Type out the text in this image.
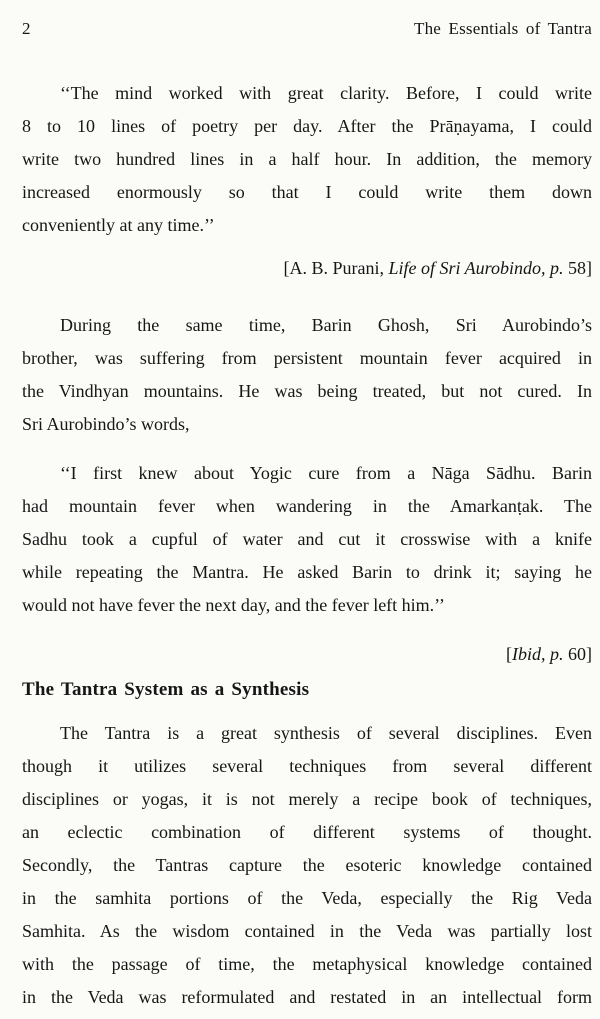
2	The Essentials of Tantra
‘‘The mind worked with great clarity. Before, I could write
8 to 10 lines of poetry per day. After the Prāṇayama, I could
write two hundred lines in a half hour. In addition, the memory
increased enormously so that I could write them down
conveniently at any time.’’
[A. B. Purani, Life of Sri Aurobindo, p. 58]
During the same time, Barin Ghosh, Sri Aurobindo’s
brother, was suffering from persistent mountain fever acquired in
the Vindhyan mountains. He was being treated, but not cured. In
Sri Aurobindo’s words,
‘‘I first knew about Yogic cure from a Nāga Sādhu. Barin
had mountain fever when wandering in the Amarkanṭak. The
Sadhu took a cupful of water and cut it crosswise with a knife
while repeating the Mantra. He asked Barin to drink it; saying he
would not have fever the next day, and the fever left him.’’
[Ibid, p. 60]
The Tantra System as a Synthesis
The Tantra is a great synthesis of several disciplines. Even
though it utilizes several techniques from several different
disciplines or yogas, it is not merely a recipe book of techniques,
an eclectic combination of different systems of thought.
Secondly, the Tantras capture the esoteric knowledge contained
in the samhita portions of the Veda, especially the Rig Veda
Samhita. As the wisdom contained in the Veda was partially lost
with the passage of time, the metaphysical knowledge contained
in the Veda was reformulated and restated in an intellectual form
